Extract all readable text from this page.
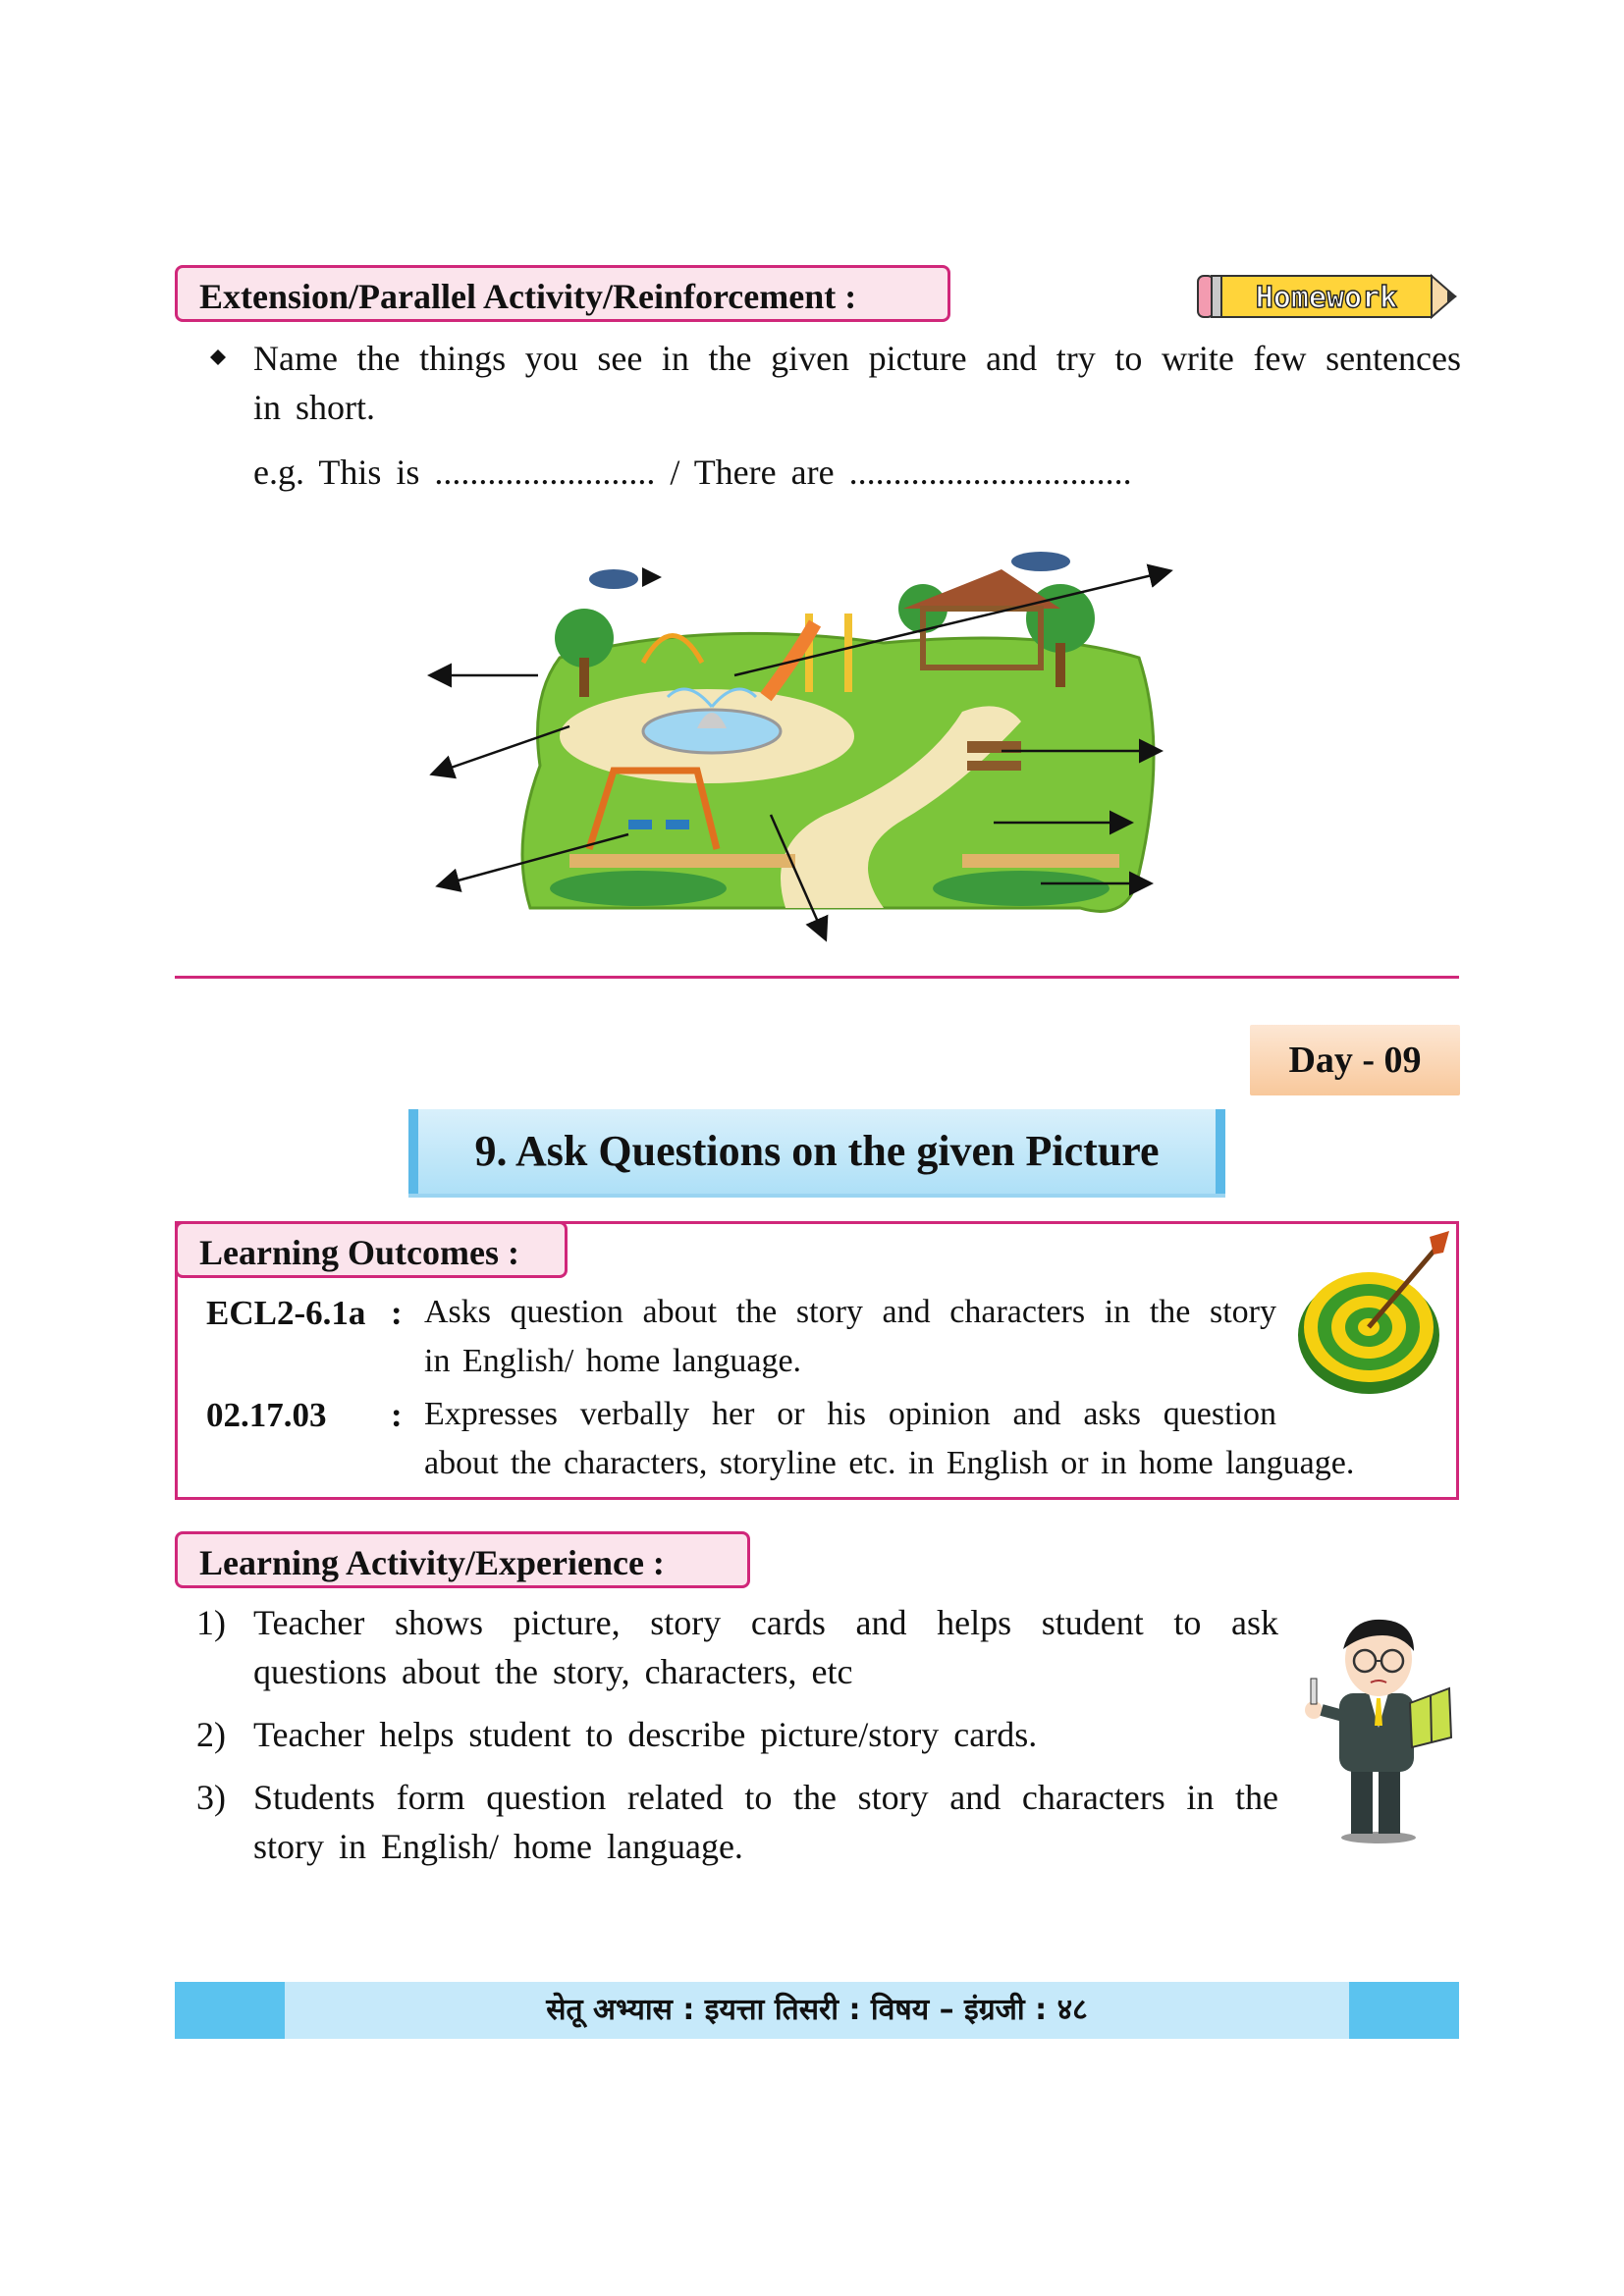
Extension/Parallel Activity/Reinforcement :	Homework
Name the things you see in the given picture and try to write few sentences
in short.
e.g. This is ......................... / There are ................................
Day - 09
9. Ask Questions on the given Picture
Learning Outcomes :
ECL2-6.1a : Asks question about the story and characters in the story
in English/ home language.
02.17.03 : Expresses verbally her or his opinion and asks question
about the characters, storyline etc. in English or in home language.
Learning Activity/Experience :
1) Teacher shows picture, story cards and helps student to ask
questions about the story, characters, etc
2) Teacher helps student to describe picture/story cards.
3) Students form question related to the story and characters in the
story in English/ home language.
सेतू अभ्यास : इयत्ता तिसरी : विषय – इंग्रजी : ४८
